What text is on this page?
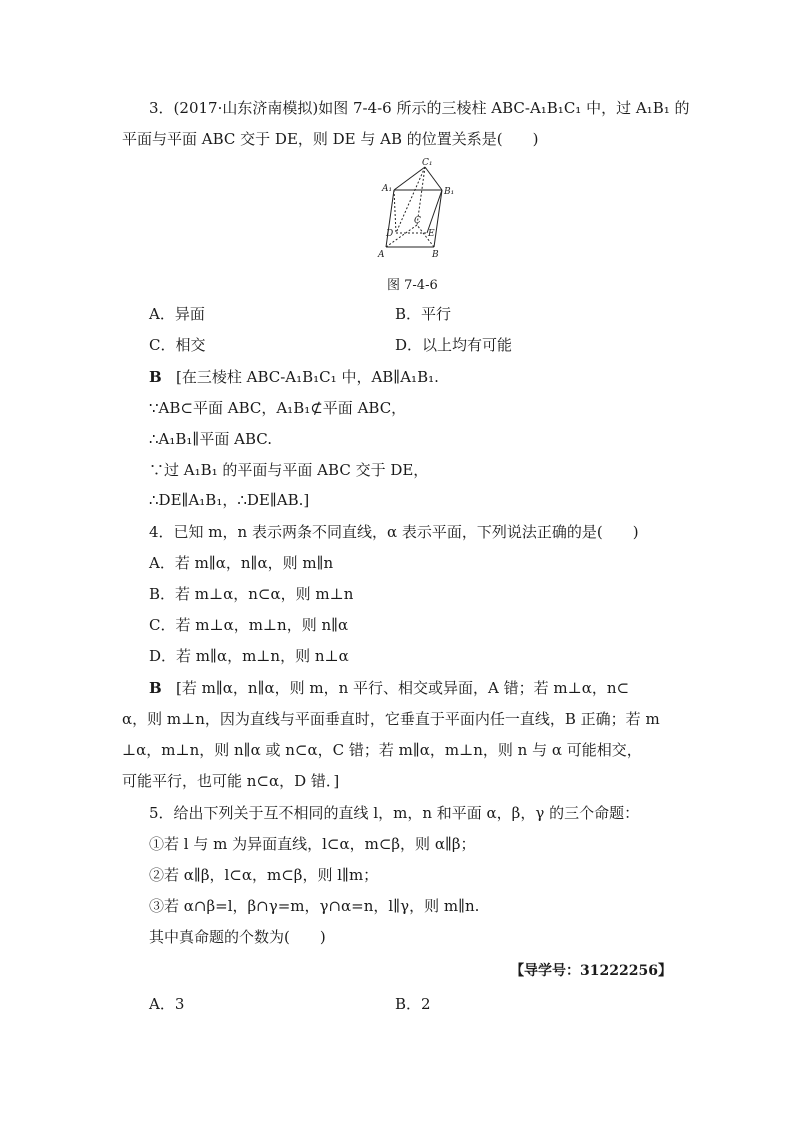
3．(2017·山东济南模拟)如图 7-4-6 所示的三棱柱 ABC-A₁B₁C₁ 中，过 A₁B₁ 的
平面与平面 ABC 交于 DE，则 DE 与 AB 的位置关系是(　　)
C₁
A₁	B₁
C
D	E
A	B
图 7-4-6
A．异面	B．平行
C．相交	D．以上均有可能
B [在三棱柱 ABC-A₁B₁C₁ 中，AB∥A₁B₁.
∵AB⊂平面 ABC，A₁B₁⊄平面 ABC，
∴A₁B₁∥平面 ABC.
∵过 A₁B₁ 的平面与平面 ABC 交于 DE，
∴DE∥A₁B₁，∴DE∥AB.]
4．已知 m，n 表示两条不同直线，α 表示平面，下列说法正确的是(　　)
A．若 m∥α，n∥α，则 m∥n
B．若 m⊥α，n⊂α，则 m⊥n
C．若 m⊥α，m⊥n，则 n∥α
D．若 m∥α，m⊥n，则 n⊥α
B [若 m∥α，n∥α，则 m，n 平行、相交或异面，A 错；若 m⊥α，n⊂
α，则 m⊥n，因为直线与平面垂直时，它垂直于平面内任一直线，B 正确；若 m
⊥α，m⊥n，则 n∥α 或 n⊂α，C 错；若 m∥α，m⊥n，则 n 与 α 可能相交，
可能平行，也可能 n⊂α，D 错．]
5．给出下列关于互不相同的直线 l，m，n 和平面 α，β，γ 的三个命题：
①若 l 与 m 为异面直线，l⊂α，m⊂β，则 α∥β；
②若 α∥β，l⊂α，m⊂β，则 l∥m；
③若 α∩β=l，β∩γ=m，γ∩α=n，l∥γ，则 m∥n.
其中真命题的个数为(　　)
【导学号：31222256】
A．3	B．2
